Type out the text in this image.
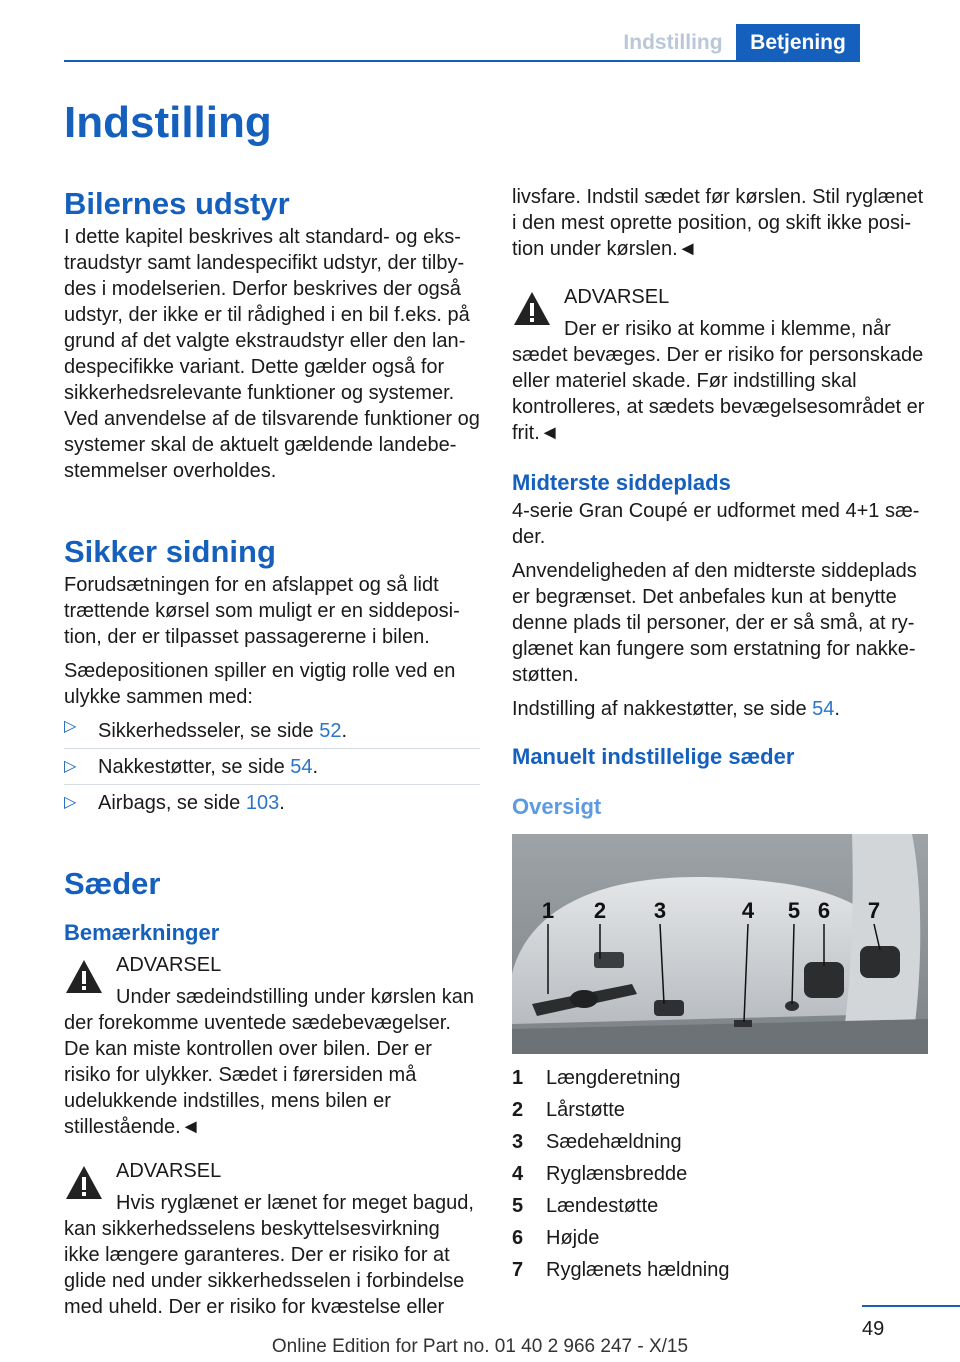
Indstilling	Betjening
Indstilling
Bilernes udstyr

I dette kapitel beskrives alt standard- og ekstraudstyr samt landespecifikt udstyr, der tilbydes i modelserien. Derfor beskrives der også udstyr, der ikke er til rådighed i en bil f.eks. på grund af det valgte ekstraudstyr eller den landespecifikke variant. Dette gælder også for sikkerhedsrelevante funktioner og systemer. Ved anvendelse af de tilsvarende funktioner og systemer skal de aktuelt gældende landebestemmelser overholdes.

Sikker sidning

Forudsætningen for en afslappet og så lidt trættende kørsel som muligt er en siddeposition, der er tilpasset passagererne i bilen.

Sædepositionen spiller en vigtig rolle ved en ulykke sammen med:

▷ Sikkerhedsseler, se side 52.
▷ Nakkestøtter, se side 54.
▷ Airbags, se side 103.
Sæder
Bemærkninger

ADVARSEL

Under sædeindstilling under kørslen kan der forekomme uventede sædebevægelser. De kan miste kontrollen over bilen. Der er risiko for ulykker. Sædet i førersiden må udelukkende indstilles, mens bilen er stillestående.◄

ADVARSEL

Hvis ryglænet er lænet for meget bagud, kan sikkerhedsselens beskyttelsesvirkning ikke længere garanteres. Der er risiko for at glide ned under sikkerhedsselen i forbindelse med uheld. Der er risiko for kvæstelse eller

livsfare. Indstil sædet før kørslen. Stil ryglænet i den mest oprette position, og skift ikke position under kørslen.◄

ADVARSEL

Der er risiko at komme i klemme, når sædet bevæges. Der er risiko for personskade eller materiel skade. Før indstilling skal kontrolleres, at sædets bevægelsesområdet er frit.◄

Midterste siddeplads

4-serie Gran Coupé er udformet med 4+1 sæder.

Anvendeligheden af den midterste siddeplads er begrænset. Det anbefales kun at benytte denne plads til personer, der er så små, at ryglænet kan fungere som erstatning for nakkestøtten.

Indstilling af nakkestøtter, se side 54.

Manuelt indstillelige sæder
Oversigt
1 2 3	4 5 6 7
1	Længderetning
2	Lårstøtte
3	Sædehældning
4	Ryglænsbredde
5	Lændestøtte
6	Højde
7	Ryglænets hældning
49
Online Edition for Part no. 01 40 2 966 247 - X/15
